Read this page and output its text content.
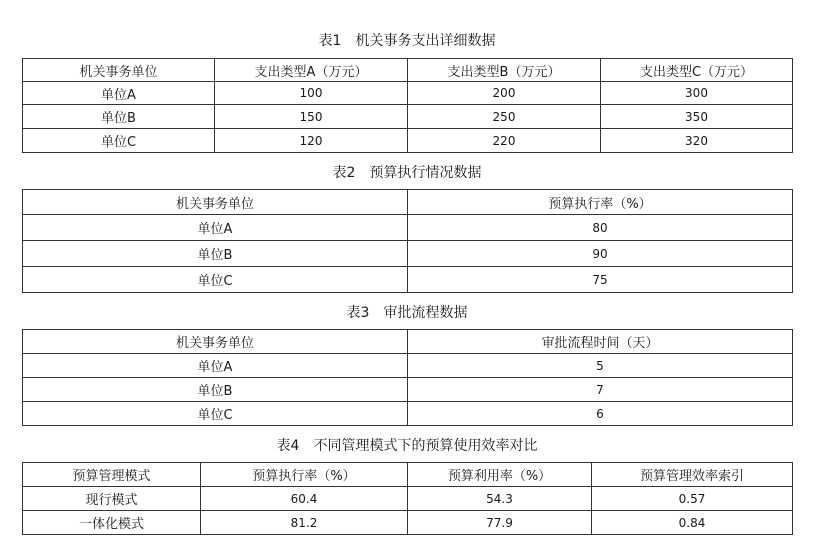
表1　机关事务支出详细数据
机关事务单位	支出类型A（万元）	支出类型B（万元）	支出类型C（万元）
单位A	100	200	300
单位B	150	250	350
单位C	120	220	320
表2　预算执行情况数据
机关事务单位	预算执行率（%）
单位A	80
单位B	90
单位C	75
表3　审批流程数据
机关事务单位	审批流程时间（天）
单位A	5
单位B	7
单位C	6
表4　不同管理模式下的预算使用效率对比
预算管理模式	预算执行率（%）	预算利用率（%）	预算管理效率索引
现行模式	60.4	54.3	0.57
一体化模式	81.2	77.9	0.84
